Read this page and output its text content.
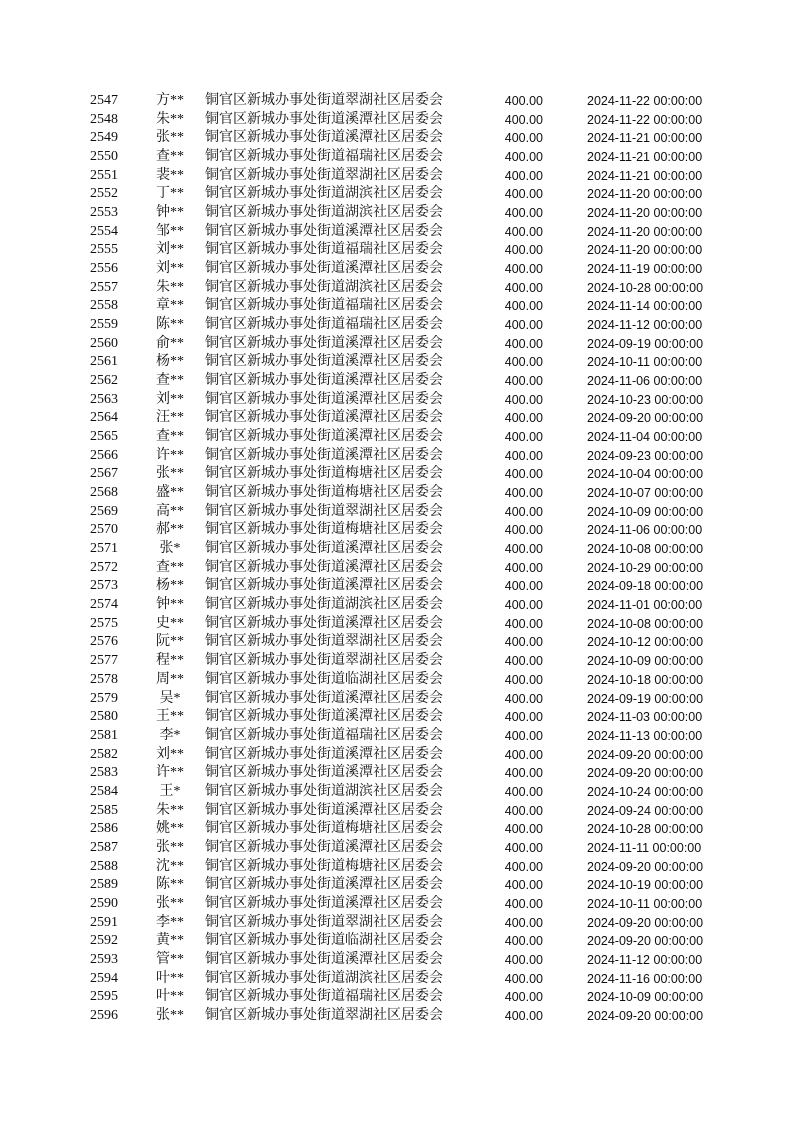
2547	方**	铜官区新城办事处街道翠湖社区居委会	400.00	2024-11-22 00:00:00
2548	朱**	铜官区新城办事处街道溪潭社区居委会	400.00	2024-11-22 00:00:00
2549	张**	铜官区新城办事处街道溪潭社区居委会	400.00	2024-11-21 00:00:00
2550	查**	铜官区新城办事处街道福瑞社区居委会	400.00	2024-11-21 00:00:00
2551	裴**	铜官区新城办事处街道翠湖社区居委会	400.00	2024-11-21 00:00:00
2552	丁**	铜官区新城办事处街道湖滨社区居委会	400.00	2024-11-20 00:00:00
2553	钟**	铜官区新城办事处街道湖滨社区居委会	400.00	2024-11-20 00:00:00
2554	邹**	铜官区新城办事处街道溪潭社区居委会	400.00	2024-11-20 00:00:00
2555	刘**	铜官区新城办事处街道福瑞社区居委会	400.00	2024-11-20 00:00:00
2556	刘**	铜官区新城办事处街道溪潭社区居委会	400.00	2024-11-19 00:00:00
2557	朱**	铜官区新城办事处街道湖滨社区居委会	400.00	2024-10-28 00:00:00
2558	章**	铜官区新城办事处街道福瑞社区居委会	400.00	2024-11-14 00:00:00
2559	陈**	铜官区新城办事处街道福瑞社区居委会	400.00	2024-11-12 00:00:00
2560	俞**	铜官区新城办事处街道溪潭社区居委会	400.00	2024-09-19 00:00:00
2561	杨**	铜官区新城办事处街道溪潭社区居委会	400.00	2024-10-11 00:00:00
2562	查**	铜官区新城办事处街道溪潭社区居委会	400.00	2024-11-06 00:00:00
2563	刘**	铜官区新城办事处街道溪潭社区居委会	400.00	2024-10-23 00:00:00
2564	汪**	铜官区新城办事处街道溪潭社区居委会	400.00	2024-09-20 00:00:00
2565	查**	铜官区新城办事处街道溪潭社区居委会	400.00	2024-11-04 00:00:00
2566	许**	铜官区新城办事处街道溪潭社区居委会	400.00	2024-09-23 00:00:00
2567	张**	铜官区新城办事处街道梅塘社区居委会	400.00	2024-10-04 00:00:00
2568	盛**	铜官区新城办事处街道梅塘社区居委会	400.00	2024-10-07 00:00:00
2569	高**	铜官区新城办事处街道翠湖社区居委会	400.00	2024-10-09 00:00:00
2570	郝**	铜官区新城办事处街道梅塘社区居委会	400.00	2024-11-06 00:00:00
2571	张*	铜官区新城办事处街道溪潭社区居委会	400.00	2024-10-08 00:00:00
2572	查**	铜官区新城办事处街道溪潭社区居委会	400.00	2024-10-29 00:00:00
2573	杨**	铜官区新城办事处街道溪潭社区居委会	400.00	2024-09-18 00:00:00
2574	钟**	铜官区新城办事处街道湖滨社区居委会	400.00	2024-11-01 00:00:00
2575	史**	铜官区新城办事处街道溪潭社区居委会	400.00	2024-10-08 00:00:00
2576	阮**	铜官区新城办事处街道翠湖社区居委会	400.00	2024-10-12 00:00:00
2577	程**	铜官区新城办事处街道翠湖社区居委会	400.00	2024-10-09 00:00:00
2578	周**	铜官区新城办事处街道临湖社区居委会	400.00	2024-10-18 00:00:00
2579	吴*	铜官区新城办事处街道溪潭社区居委会	400.00	2024-09-19 00:00:00
2580	王**	铜官区新城办事处街道溪潭社区居委会	400.00	2024-11-03 00:00:00
2581	李*	铜官区新城办事处街道福瑞社区居委会	400.00	2024-11-13 00:00:00
2582	刘**	铜官区新城办事处街道溪潭社区居委会	400.00	2024-09-20 00:00:00
2583	许**	铜官区新城办事处街道溪潭社区居委会	400.00	2024-09-20 00:00:00
2584	王*	铜官区新城办事处街道湖滨社区居委会	400.00	2024-10-24 00:00:00
2585	朱**	铜官区新城办事处街道溪潭社区居委会	400.00	2024-09-24 00:00:00
2586	姚**	铜官区新城办事处街道梅塘社区居委会	400.00	2024-10-28 00:00:00
2587	张**	铜官区新城办事处街道溪潭社区居委会	400.00	2024-11-11 00:00:00
2588	沈**	铜官区新城办事处街道梅塘社区居委会	400.00	2024-09-20 00:00:00
2589	陈**	铜官区新城办事处街道溪潭社区居委会	400.00	2024-10-19 00:00:00
2590	张**	铜官区新城办事处街道溪潭社区居委会	400.00	2024-10-11 00:00:00
2591	李**	铜官区新城办事处街道翠湖社区居委会	400.00	2024-09-20 00:00:00
2592	黄**	铜官区新城办事处街道临湖社区居委会	400.00	2024-09-20 00:00:00
2593	管**	铜官区新城办事处街道溪潭社区居委会	400.00	2024-11-12 00:00:00
2594	叶**	铜官区新城办事处街道湖滨社区居委会	400.00	2024-11-16 00:00:00
2595	叶**	铜官区新城办事处街道福瑞社区居委会	400.00	2024-10-09 00:00:00
2596	张**	铜官区新城办事处街道翠湖社区居委会	400.00	2024-09-20 00:00:00
